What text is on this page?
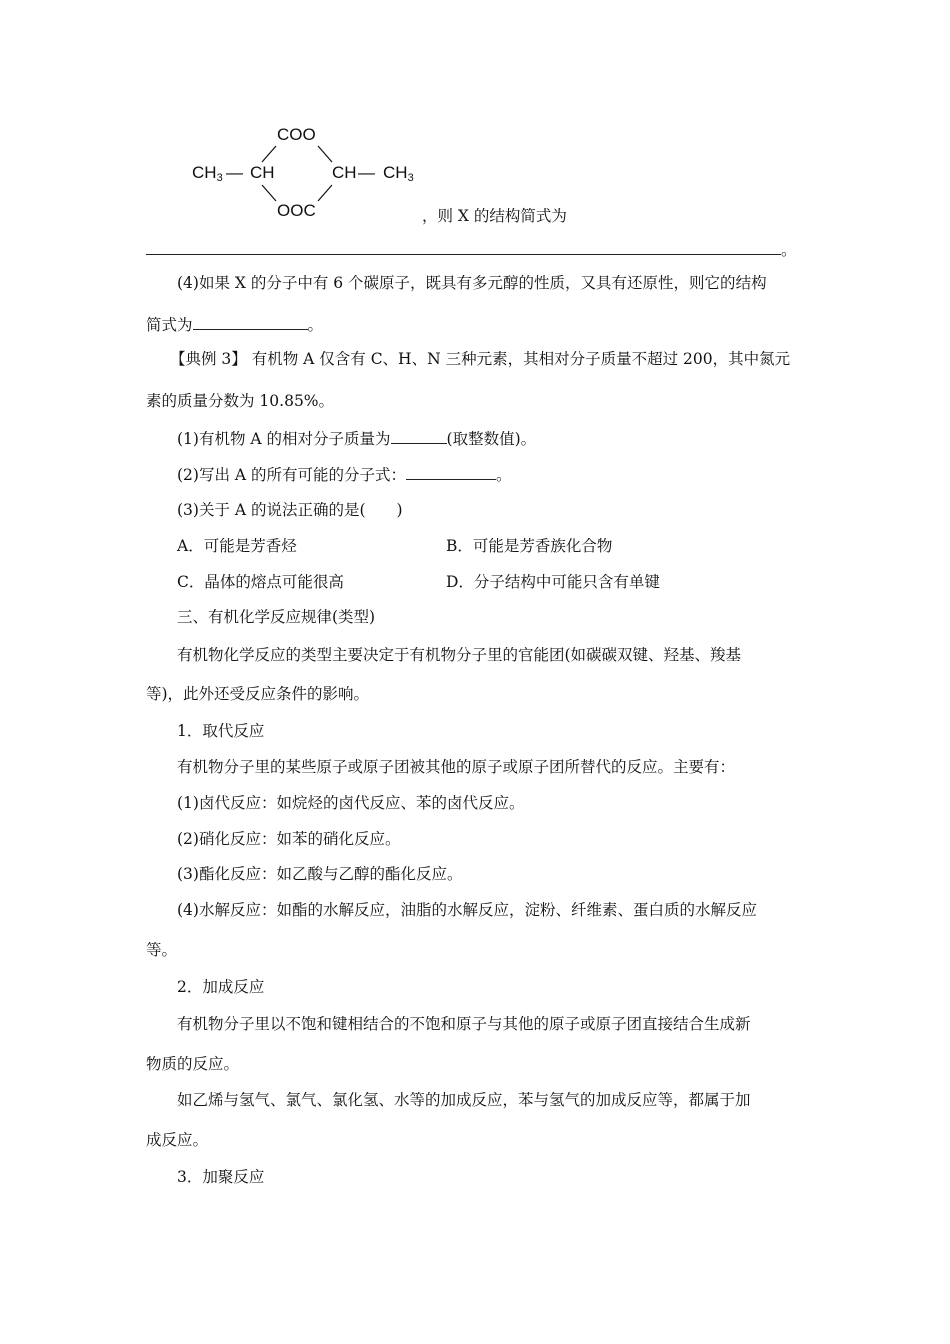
COO
$CH_3$ — CH	CH — $CH_3$
OOC	，则 X 的结构简式为
。
(4)如果 X 的分子中有 6 个碳原子，既具有多元醇的性质，又具有还原性，则它的结构
简式为	。
【典例 3】 有机物 A 仅含有 C、H、N 三种元素，其相对分子质量不超过 200，其中氮元
素的质量分数为 10.85%。
(1)有机物 A 的相对分子质量为	(取整数值)。
(2)写出 A 的所有可能的分子式：	。
(3)关于 A 的说法正确的是(　　)
A．可能是芳香烃	B．可能是芳香族化合物
C．晶体的熔点可能很高	D．分子结构中可能只含有单键
三、有机化学反应规律(类型)
有机物化学反应的类型主要决定于有机物分子里的官能团(如碳碳双键、羟基、羧基
等)，此外还受反应条件的影响。
1．取代反应
有机物分子里的某些原子或原子团被其他的原子或原子团所替代的反应。主要有：
(1)卤代反应：如烷烃的卤代反应、苯的卤代反应。
(2)硝化反应：如苯的硝化反应。
(3)酯化反应：如乙酸与乙醇的酯化反应。
(4)水解反应：如酯的水解反应，油脂的水解反应，淀粉、纤维素、蛋白质的水解反应
等。
2．加成反应
有机物分子里以不饱和键相结合的不饱和原子与其他的原子或原子团直接结合生成新
物质的反应。
如乙烯与氢气、氯气、氯化氢、水等的加成反应，苯与氢气的加成反应等，都属于加
成反应。
3．加聚反应
